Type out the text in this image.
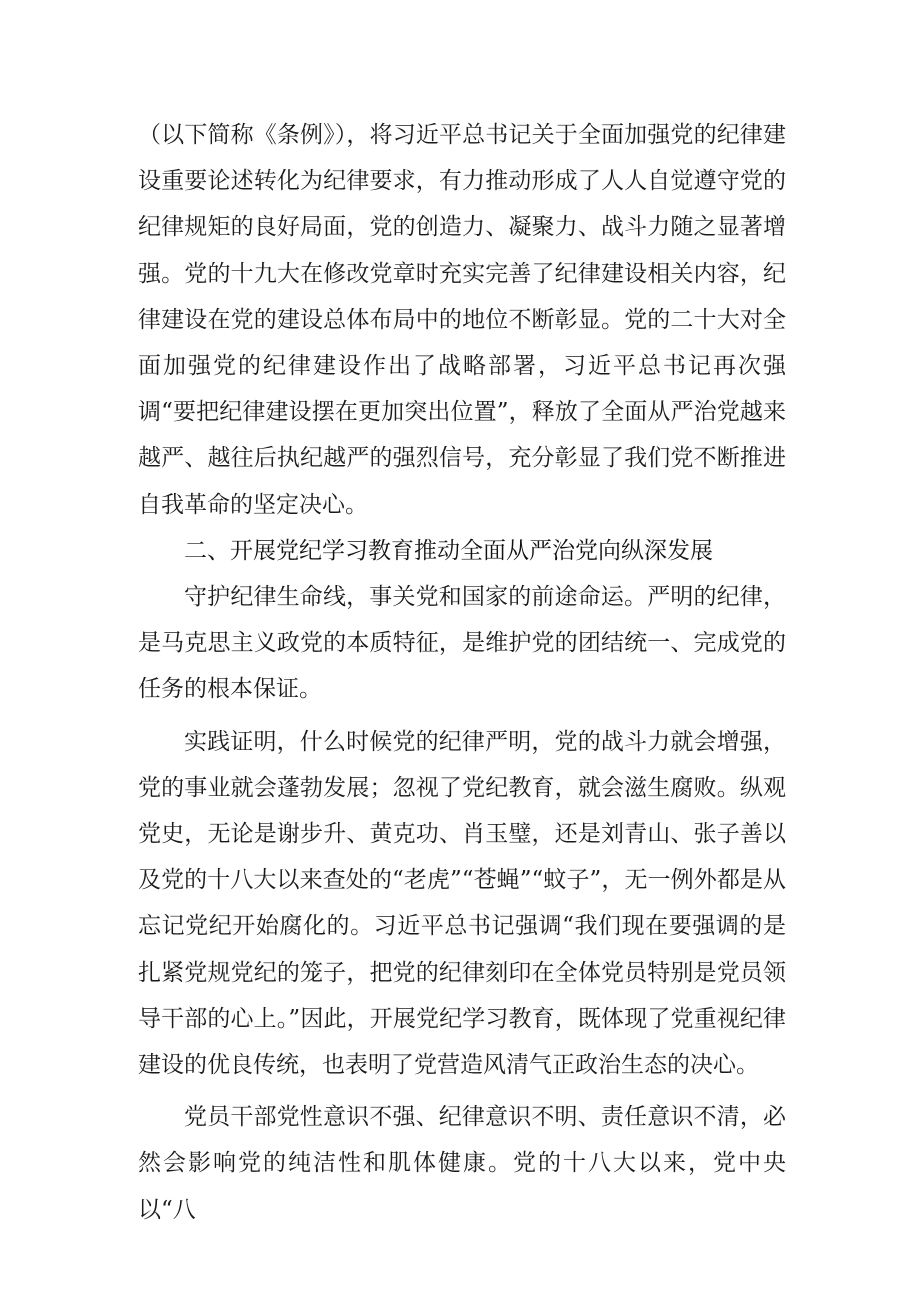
（以下简称《条例》），将习近平总书记关于全面加强党的纪律建设重要论述转化为纪律要求，有力推动形成了人人自觉遵守党的纪律规矩的良好局面，党的创造力、凝聚力、战斗力随之显著增强。党的十九大在修改党章时充实完善了纪律建设相关内容，纪律建设在党的建设总体布局中的地位不断彰显。党的二十大对全面加强党的纪律建设作出了战略部署，习近平总书记再次强调“要把纪律建设摆在更加突出位置”，释放了全面从严治党越来越严、越往后执纪越严的强烈信号，充分彰显了我们党不断推进自我革命的坚定决心。

二、开展党纪学习教育推动全面从严治党向纵深发展

守护纪律生命线，事关党和国家的前途命运。严明的纪律，是马克思主义政党的本质特征，是维护党的团结统一、完成党的任务的根本保证。

实践证明，什么时候党的纪律严明，党的战斗力就会增强，党的事业就会蓬勃发展；忽视了党纪教育，就会滋生腐败。纵观党史，无论是谢步升、黄克功、肖玉璧，还是刘青山、张子善以及党的十八大以来查处的“老虎”“苍蝇”“蚊子”，无一例外都是从忘记党纪开始腐化的。习近平总书记强调“我们现在要强调的是扎紧党规党纪的笼子，把党的纪律刻印在全体党员特别是党员领导干部的心上。”因此，开展党纪学习教育，既体现了党重视纪律建设的优良传统，也表明了党营造风清气正政治生态的决心。

党员干部党性意识不强、纪律意识不明、责任意识不清，必然会影响党的纯洁性和肌体健康。党的十八大以来，党中央以“八
